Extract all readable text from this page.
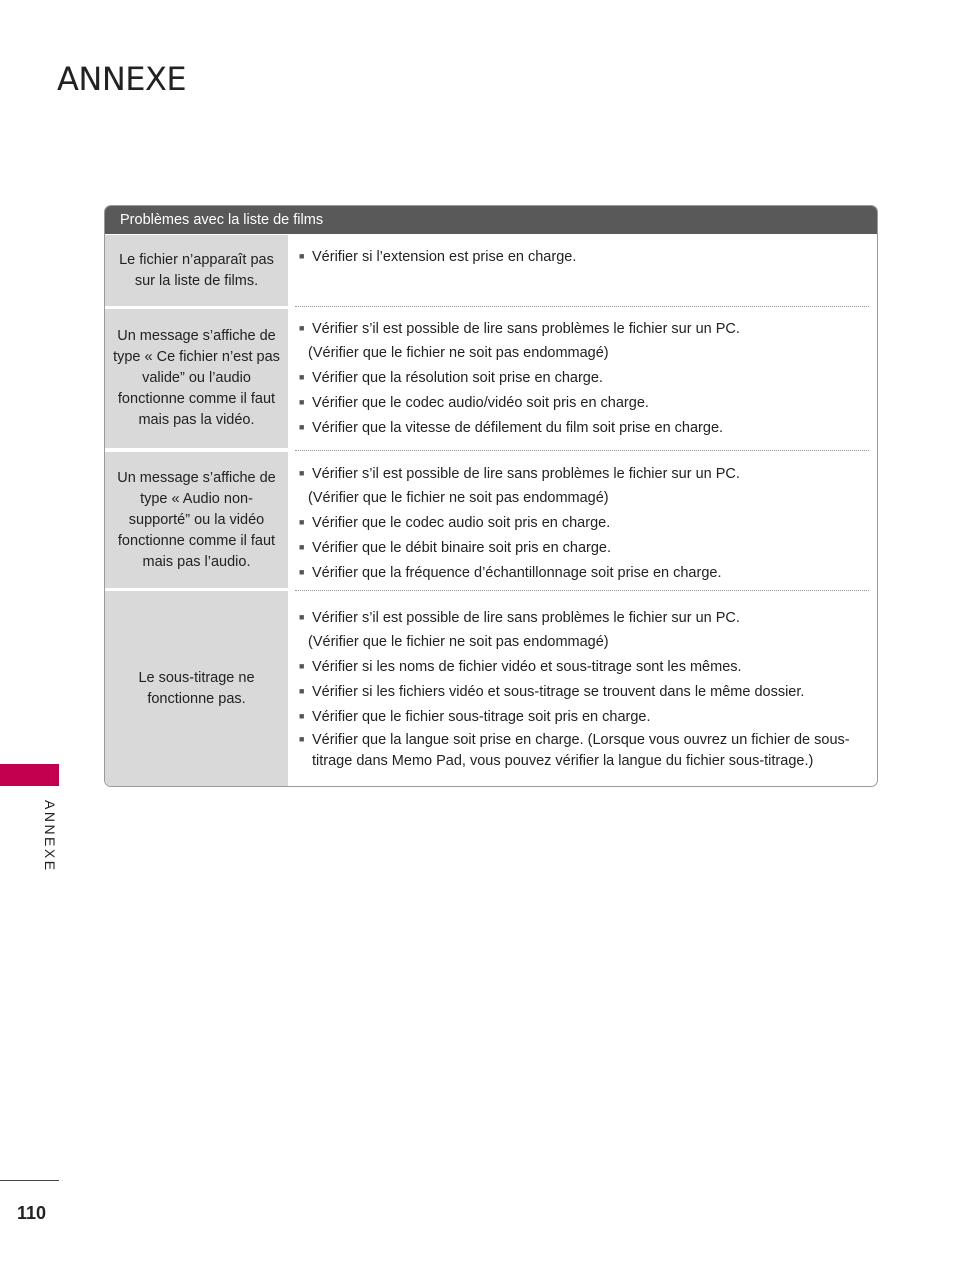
ANNEXE
Problèmes avec la liste de films
Le fichier n’apparaît pas sur la liste de films.
■ Vérifier si l’extension est prise en charge.
Un message s’affiche de type « Ce fichier n’est pas valide” ou l’audio fonctionne comme il faut mais pas la vidéo.
■ Vérifier s’il est possible de lire sans problèmes le fichier sur un PC.
(Vérifier que le fichier ne soit pas endommagé)
■ Vérifier que la résolution soit prise en charge.
■ Vérifier que le codec audio/vidéo soit pris en charge.
■ Vérifier que la vitesse de défilement du film soit prise en charge.
Un message s’affiche de type « Audio non-supporté” ou la vidéo fonctionne comme il faut mais pas l’audio.
■ Vérifier s’il est possible de lire sans problèmes le fichier sur un PC.
(Vérifier que le fichier ne soit pas endommagé)
■ Vérifier que le codec audio soit pris en charge.
■ Vérifier que le débit binaire soit pris en charge.
■ Vérifier que la fréquence d’échantillonnage soit prise en charge.
Le sous-titrage ne fonctionne pas.
■ Vérifier s’il est possible de lire sans problèmes le fichier sur un PC.
(Vérifier que le fichier ne soit pas endommagé)
■ Vérifier si les noms de fichier vidéo et sous-titrage sont les mêmes.
■ Vérifier si les fichiers vidéo et sous-titrage se trouvent dans le même dossier.
■ Vérifier que le fichier sous-titrage soit pris en charge.
■ Vérifier que la langue soit prise en charge. (Lorsque vous ouvrez un fichier de sous-titrage dans Memo Pad, vous pouvez vérifier la langue du fichier sous-titrage.)
ANNEXE
110
